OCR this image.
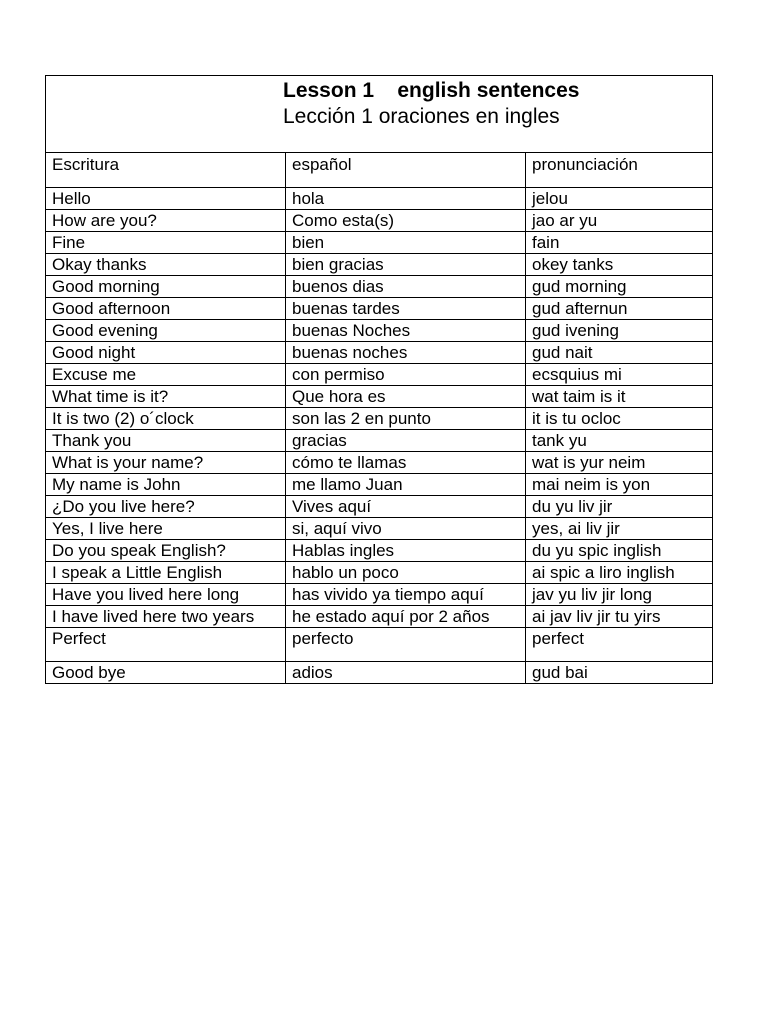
Lesson 1    english sentences
Lección 1 oraciones en ingles		

Escritura	español	pronunciación
Hello	hola	jelou
How are you?	Como esta(s)	jao ar yu
Fine	bien	fain
Okay thanks	bien gracias	okey tanks
Good morning	buenos dias	gud morning
Good afternoon	buenas tardes	gud afternun
Good evening	buenas Noches	gud ivening
Good night	buenas noches	gud nait
Excuse me	con permiso	ecsquius mi
What time is it?	Que hora es	wat taim is it
It is two (2) o´clock	son las 2 en punto	it is tu ocloc
Thank you	gracias	tank yu
What is your name?	cómo te llamas	wat is yur neim
My name is John	me llamo Juan	mai neim is yon
¿Do you live here?	Vives aquí	du yu liv jir
Yes, I live here	si, aquí vivo	yes, ai liv jir
Do you speak English?	Hablas ingles	du yu spic inglish
I speak a Little English	hablo un poco	ai spic a liro inglish
Have you lived here long	has vivido ya tiempo aquí	jav yu liv jir long
I have lived here two years	he estado aquí por 2 años	ai jav liv jir tu yirs
Perfect	perfecto	perfect
Good bye	adios	gud bai
